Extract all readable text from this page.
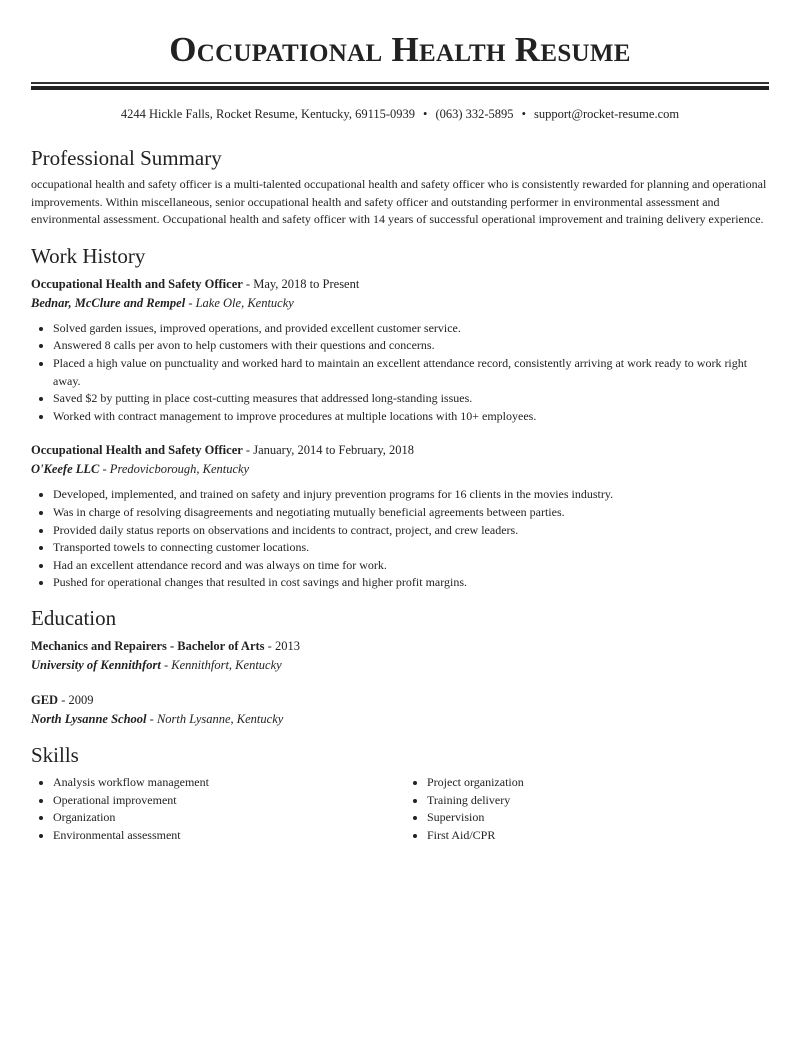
Occupational Health Resume
4244 Hickle Falls, Rocket Resume, Kentucky, 69115-0939 • (063) 332-5895 • support@rocket-resume.com
Professional Summary

occupational health and safety officer is a multi-talented occupational health and safety officer who is consistently rewarded for planning and operational improvements. Within miscellaneous, senior occupational health and safety officer and outstanding performer in environmental assessment and environmental assessment. Occupational health and safety officer with 14 years of successful operational improvement and training delivery experience.

Work History
Occupational Health and Safety Officer - May, 2018 to Present
Bednar, McClure and Rempel - Lake Ole, Kentucky
• Solved garden issues, improved operations, and provided excellent customer service.
• Answered 8 calls per avon to help customers with their questions and concerns.
• Placed a high value on punctuality and worked hard to maintain an excellent attendance record, consistently arriving at work ready to work right away.
• Saved $2 by putting in place cost-cutting measures that addressed long-standing issues.
• Worked with contract management to improve procedures at multiple locations with 10+ employees.
Occupational Health and Safety Officer - January, 2014 to February, 2018
O'Keefe LLC - Predovicborough, Kentucky
• Developed, implemented, and trained on safety and injury prevention programs for 16 clients in the movies industry.
• Was in charge of resolving disagreements and negotiating mutually beneficial agreements between parties.
• Provided daily status reports on observations and incidents to contract, project, and crew leaders.
• Transported towels to connecting customer locations.
• Had an excellent attendance record and was always on time for work.
• Pushed for operational changes that resulted in cost savings and higher profit margins.
Education
Mechanics and Repairers - Bachelor of Arts - 2013
University of Kennithfort - Kennithfort, Kentucky
GED - 2009
North Lysanne School - North Lysanne, Kentucky
Skills
• Analysis workflow management
• Operational improvement
• Organization
• Environmental assessment
• Project organization
• Training delivery
• Supervision
• First Aid/CPR
